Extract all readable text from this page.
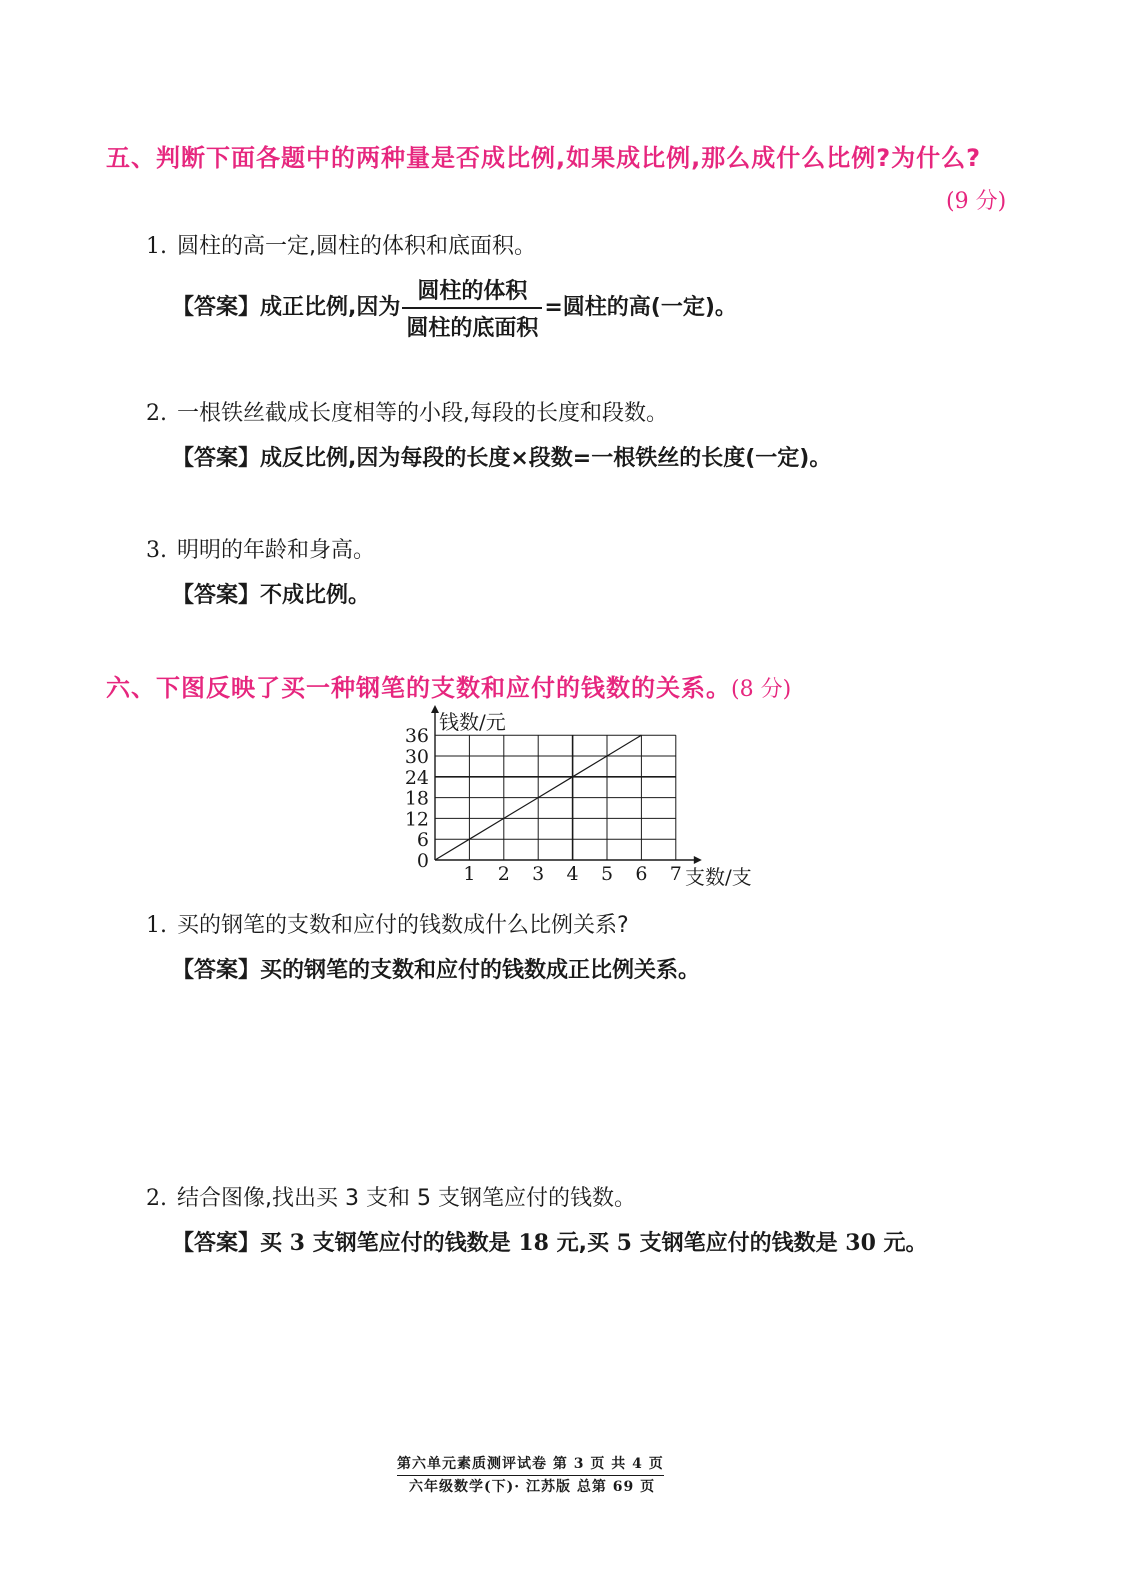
五、判断下面各题中的两种量是否成比例,如果成比例,那么成什么比例?为什么?
(9 分)
1. 圆柱的高一定,圆柱的体积和底面积。
【答案】成正比例,因为 $\frac{\text{圆柱的体积}}{\text{圆柱的底面积}}$ =圆柱的高(一定)。
2. 一根铁丝截成长度相等的小段,每段的长度和段数。
【答案】成反比例,因为每段的长度×段数=一根铁丝的长度(一定)。
3. 明明的年龄和身高。
【答案】不成比例。
六、下图反映了买一种钢笔的支数和应付的钱数的关系。(8 分)
1 2 3 4 5 6 7
0
6
12
18
24
30
36
钱数/元
支数/支
1. 买的钢笔的支数和应付的钱数成什么比例关系?
【答案】买的钢笔的支数和应付的钱数成正比例关系。
2. 结合图像,找出买 3 支和 5 支钢笔应付的钱数。
【答案】买 3 支钢笔应付的钱数是 18 元,买 5 支钢笔应付的钱数是 30 元。
第六单元素质测评试卷 第 3 页 共 4 页
六年级数学(下)· 江苏版 总第 69 页
